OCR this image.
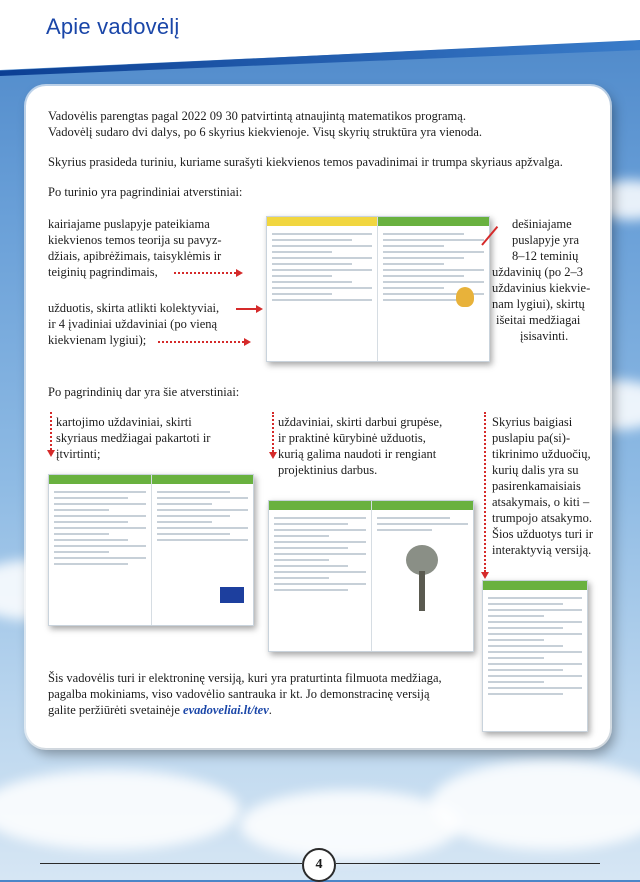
Apie vadovėlį

Vadovėlis parengtas pagal 2022 09 30 patvirtintą atnaujintą matematikos programą.

Vadovėlį sudaro dvi dalys, po 6 skyrius kiekvienoje. Visų skyrių struktūra yra vienoda.

Skyrius prasideda turiniu, kuriame surašyti kiekvienos temos pavadinimai ir trumpa skyriaus apžvalga.

Po turinio yra pagrindiniai atverstiniai:

kairiajame puslapyje pateikiama

kiekvienos temos teorija su pavyz-

džiais, apibrėžimais, taisyklėmis ir

teiginių pagrindimais,

užduotis, skirta atlikti kolektyviai,

ir 4 įvadiniai uždaviniai (po vieną

kiekvienam lygiui);

dešiniajame

puslapyje yra

8–12 teminių

uždavinių (po 2–3

uždavinius kiekvie-

nam lygiui), skirtų

išeitai medžiagai

įsisavinti.

Po pagrindinių dar yra šie atverstiniai:

kartojimo uždaviniai, skirti

skyriaus medžiagai pakartoti ir

įtvirtinti;

uždaviniai, skirti darbui grupėse,

ir praktinė kūrybinė užduotis,

kurią galima naudoti ir rengiant

projektinius darbus.

Skyrius baigiasi

puslapiu pa(si)-

tikrinimo užduočių,

kurių dalis yra su

pasirenkamaisiais

atsakymais, o kiti –

trumpojo atsakymo.

Šios užduotys turi ir

interaktyvią versiją.

Šis vadovėlis turi ir elektroninę versiją, kuri yra praturtinta filmuota medžiaga,

pagalba mokiniams, viso vadovėlio santrauka ir kt. Jo demonstracinę versiją

galite peržiūrėti svetainėje evadoveliai.lt/tev.

4
